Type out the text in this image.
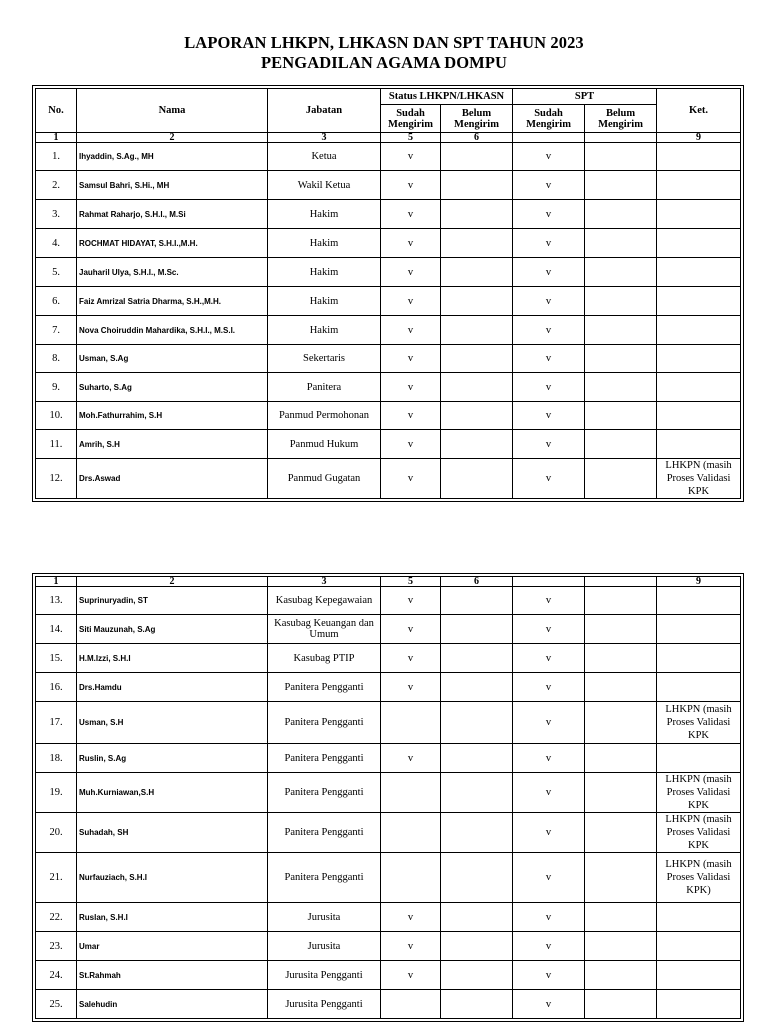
LAPORAN LHKPN, LHKASN DAN SPT TAHUN 2023
PENGADILAN AGAMA DOMPU
No.	Nama	Jabatan	Status LHKPN/LHKASN		SPT		Ket.
			Sudah Mengirim	Belum Mengirim	Sudah Mengirim	Belum Mengirim	
1	2	3	5	6			9
1.	Ihyaddin, S.Ag., MH	Ketua	v		v		
2.	Samsul Bahri, S.Hi., MH	Wakil Ketua	v		v		
3.	Rahmat Raharjo, S.H.I., M.Si	Hakim	v		v		
4.	ROCHMAT HIDAYAT, S.H.I.,M.H.	Hakim	v		v		
5.	Jauharil Ulya, S.H.I., M.Sc.	Hakim	v		v		
6.	Faiz Amrizal Satria Dharma, S.H.,M.H.	Hakim	v		v		
7.	Nova Choiruddin Mahardika, S.H.I., M.S.I.	Hakim	v		v		
8.	Usman, S.Ag	Sekertaris	v		v		
9.	Suharto, S.Ag	Panitera	v		v		
10.	Moh.Fathurrahim, S.H	Panmud Permohonan	v		v		
11.	Amrih, S.H	Panmud Hukum	v		v		
12.	Drs.Aswad	Panmud Gugatan	v		v		LHKPN (masih Proses Validasi KPK
1	2	3	5	6			9
13.	Suprinuryadin, ST	Kasubag Kepegawaian	v		v		
14.	Siti Mauzunah, S.Ag	Kasubag Keuangan dan Umum	v		v		
15.	H.M.Izzi, S.H.I	Kasubag PTIP	v		v		
16.	Drs.Hamdu	Panitera Pengganti	v		v		
17.	Usman, S.H	Panitera Pengganti			v		LHKPN (masih Proses Validasi KPK
18.	Ruslin, S.Ag	Panitera Pengganti	v		v		
19.	Muh.Kurniawan,S.H	Panitera Pengganti			v		LHKPN (masih Proses Validasi KPK
20.	Suhadah, SH	Panitera Pengganti			v		LHKPN (masih Proses Validasi KPK
21.	Nurfauziach, S.H.I	Panitera Pengganti			v		LHKPN (masih Proses Validasi KPK)
22.	Ruslan, S.H.I	Jurusita	v		v		
23.	Umar	Jurusita	v		v		
24.	St.Rahmah	Jurusita Pengganti	v		v		
25.	Salehudin	Jurusita Pengganti			v		
